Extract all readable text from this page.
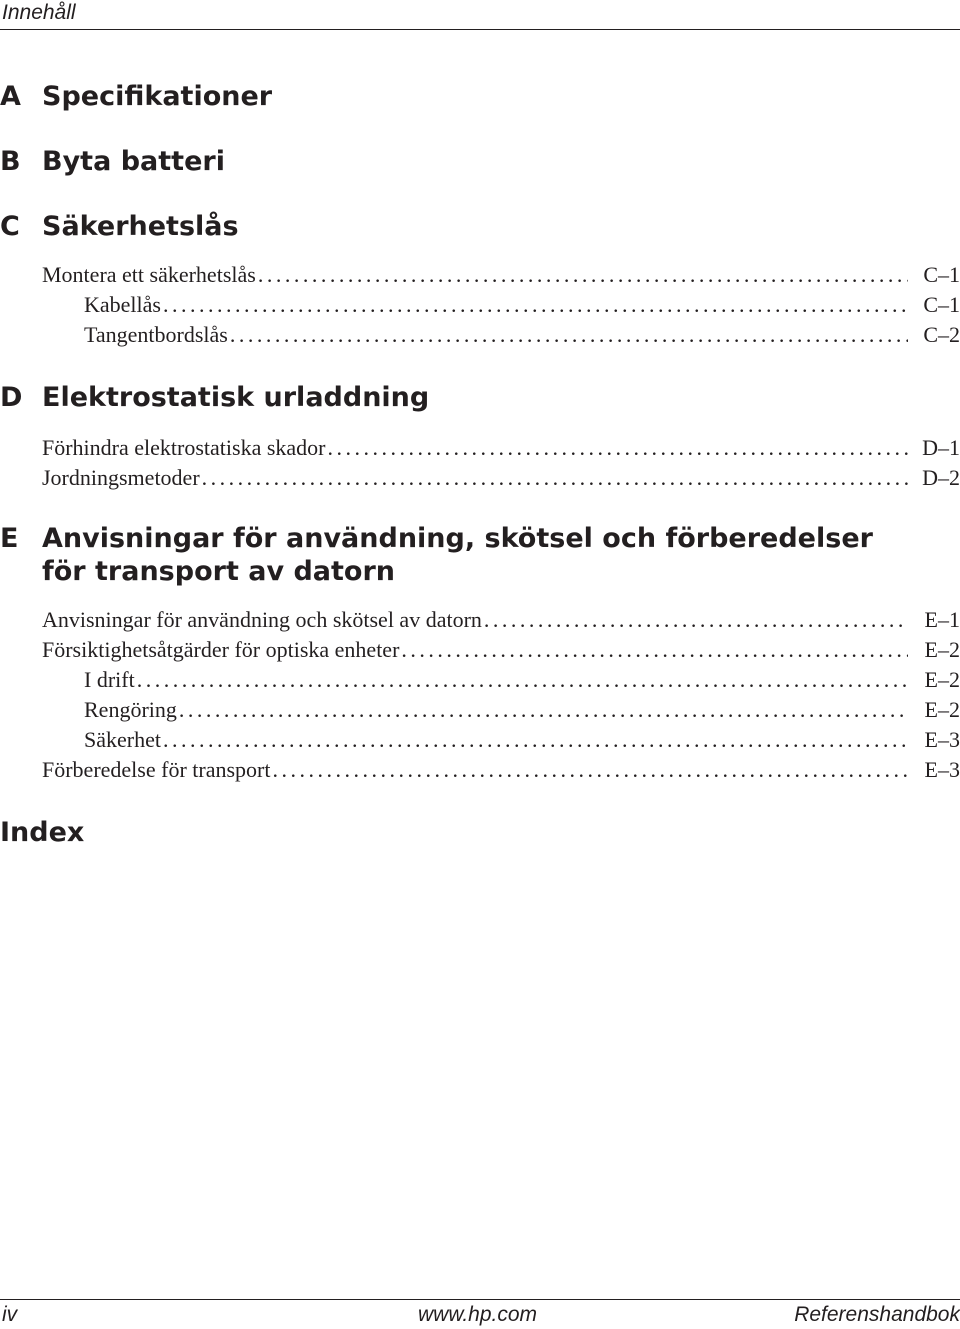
Innehåll
A Specifikationer
B Byta batteri
C Säkerhetslås
Montera ett säkerhetslås . . .	C–1
Kabellås . . .	C–1
Tangentbordslås . . .	C–2
D Elektrostatisk urladdning
Förhindra elektrostatiska skador . . .	D–1
Jordningsmetoder . . .	D–2
E Anvisningar för användning, skötsel och förberedelser
för transport av datorn
Anvisningar för användning och skötsel av datorn . . .	E–1
Försiktighetsåtgärder för optiska enheter . . .	E–2
I drift . . .	E–2
Rengöring . . .	E–2
Säkerhet . . .	E–3
Förberedelse för transport . . .	E–3
Index
iv	www.hp.com	Referenshandbok
